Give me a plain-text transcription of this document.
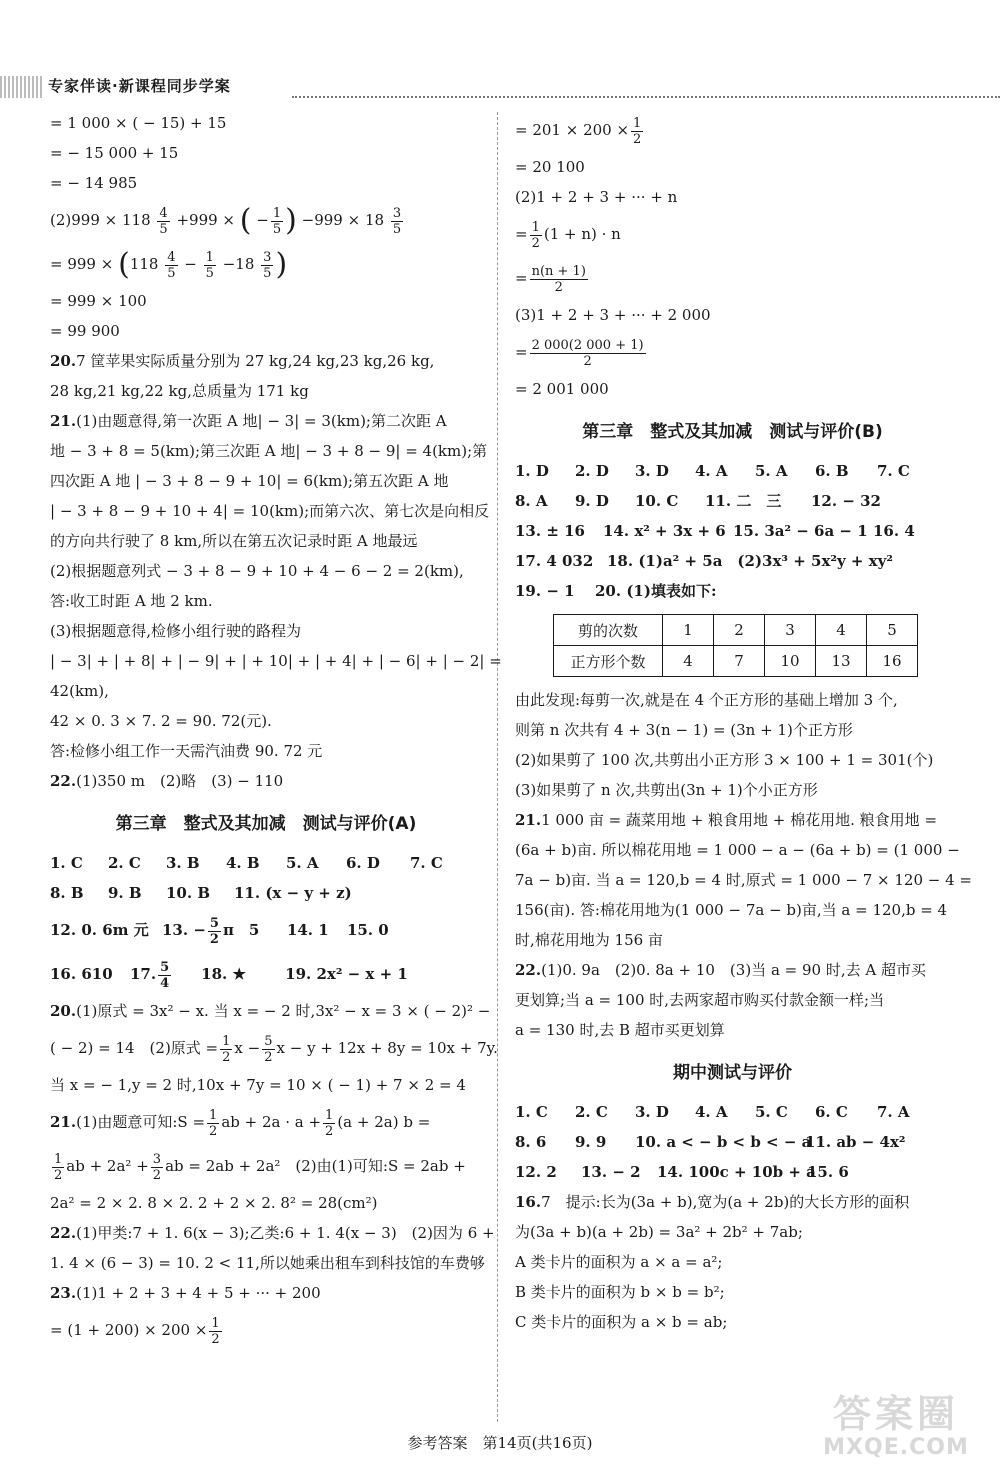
专家伴读·新课程同步学案
= 1 000 × ( − 15) + 15
= − 15 000 + 15
= − 14 985
$(2)999 \times 118 \frac{4}{5} +999$ × ( − $\frac{1}{5}$ ) $-999 \times 18 \frac{3}{5}$
= $999 \times (118 \frac{4}{5} - \frac{1}{5} -18 \frac{3}{5}$ )
= 999 × 100
= 99 900
20.7 筐苹果实际质量分别为 27 kg,24 kg,23 kg,26 kg,
28 kg,21 kg,22 kg,总质量为 171 kg
21.(1)由题意得,第一次距 A 地| − 3| = 3(km);第二次距 A
地 − 3 + 8 = 5(km);第三次距 A 地| − 3 + 8 − 9| = 4(km);第
四次距 A 地 | − 3 + 8 − 9 + 10| = 6(km);第五次距 A 地
| − 3 + 8 − 9 + 10 + 4| = 10(km);而第六次、第七次是向相反
的方向共行驶了 8 km,所以在第五次记录时距 A 地最远
(2)根据题意列式 − 3 + 8 − 9 + 10 + 4 − 6 − 2 = 2(km),
答:收工时距 A 地 2 km.
(3)根据题意得,检修小组行驶的路程为
| − 3| + | + 8| + | − 9| + | + 10| + | + 4| + | − 6| + | − 2| =
42(km),
42 × 0. 3 × 7. 2 = 90. 72(元).
答:检修小组工作一天需汽油费 90. 72 元
22.(1)350 m　(2)略　(3) − 110
第三章　整式及其加减　测试与评价(A)
1. C 2. C 3. B 4. B 5. A 6. D 7. C
8. B 9. B 10. B 11. (x − y + z)
12. 0. 6m 元 13. − $\frac{5}{2}$ π　5 14. 1 15. 0
16. 610 17. $\frac{5}{4} 18$. ★	19. 2x² − x + 1
20.(1)原式 = 3x² − x. 当 x = − 2 时,3x² − x = 3 × ( − 2)² −
( − 2) = 14　(2)原式 = $\frac{1}{2}$ $x - \frac{5}{2}$ x − y + 12x + 8y = 10x + 7y.
当 x = − 1,y = 2 时,10x + 7y = 10 × ( − 1) + 7 × 2 = 4
21.(1)由题意可知:S = $\frac{1}{2}$ ab + $2a \cdot a + \frac{1}{2} (a + 2a) b$ =
$\frac{1}{2}$ ab + $2a^2 + \frac{3}{2}$ ab = 2ab + 2a²　(2)由(1)可知:S = 2ab +
2a² = 2 × 2. 8 × 2. 2 + 2 × 2. 8² = 28(cm²)
22.(1)甲类:7 + 1. 6(x − 3);乙类:6 + 1. 4(x − 3)　(2)因为 6 +
1. 4 × (6 − 3) = 10. 2 < 11,所以她乘出租车到科技馆的车费够
23.(1)1 + 2 + 3 + 4 + 5 + ··· + 200
= $(1 + 200) \times 200 \times \frac{1}{2}$
= $201 \times 200 \times \frac{1}{2}$
= 20 100
(2)1 + 2 + 3 + ··· + n
= $\frac{1}{2} (1 + n) \cdot n$
= $\frac{n(n + 1)}{2}$
(3)1 + 2 + 3 + ··· + 2 000
= $\frac{2 000(2 000 + 1)}{2}$
= 2 001 000
第三章　整式及其加减　测试与评价(B)
1. D 2. D 3. D 4. A 5. A 6. B 7. C
8. A 9. D 10. C 11. 二　三 12. − 32
13. ± 16 14. x² + 3x + 6 15. 3a² − 6a − 1 16. 4
17. 4 032 18. (1)a² + 5a　(2)3x³ + 5x²y + xy²
19. − 1 20. (1)填表如下:
剪的次数	1	2	3	4	5
正方形个数	4	7	10	13	16
由此发现:每剪一次,就是在 4 个正方形的基础上增加 3 个,
则第 n 次共有 4 + 3(n − 1) = (3n + 1)个正方形
(2)如果剪了 100 次,共剪出小正方形 3 × 100 + 1 = 301(个)
(3)如果剪了 n 次,共剪出(3n + 1)个小正方形
21.1 000 亩 = 蔬菜用地 + 粮食用地 + 棉花用地. 粮食用地 =
(6a + b)亩. 所以棉花用地 = 1 000 − a − (6a + b) = (1 000 −
7a − b)亩. 当 a = 120,b = 4 时,原式 = 1 000 − 7 × 120 − 4 =
156(亩). 答:棉花用地为(1 000 − 7a − b)亩,当 a = 120,b = 4
时,棉花用地为 156 亩
22.(1)0. 9a　(2)0. 8a + 10　(3)当 a = 90 时,去 A 超市买
更划算;当 a = 100 时,去两家超市购买付款金额一样;当
a = 130 时,去 B 超市买更划算
期中测试与评价
1. C 2. C 3. D 4. A 5. C 6. C 7. A
8. 6 9. 9 10. a < − b < b < − a11. ab − 4x²
12. 2 13. − 2 14. 100c + 10b + a15. 6
16.7　提示:长为(3a + b),宽为(a + 2b)的大长方形的面积
为(3a + b)(a + 2b) = 3a² + 2b² + 7ab;
A 类卡片的面积为 a × a = a²;
B 类卡片的面积为 b × b = b²;
C 类卡片的面积为 a × b = ab;
参考答案　第14页(共16页)
答案圈
MXQE.COM
